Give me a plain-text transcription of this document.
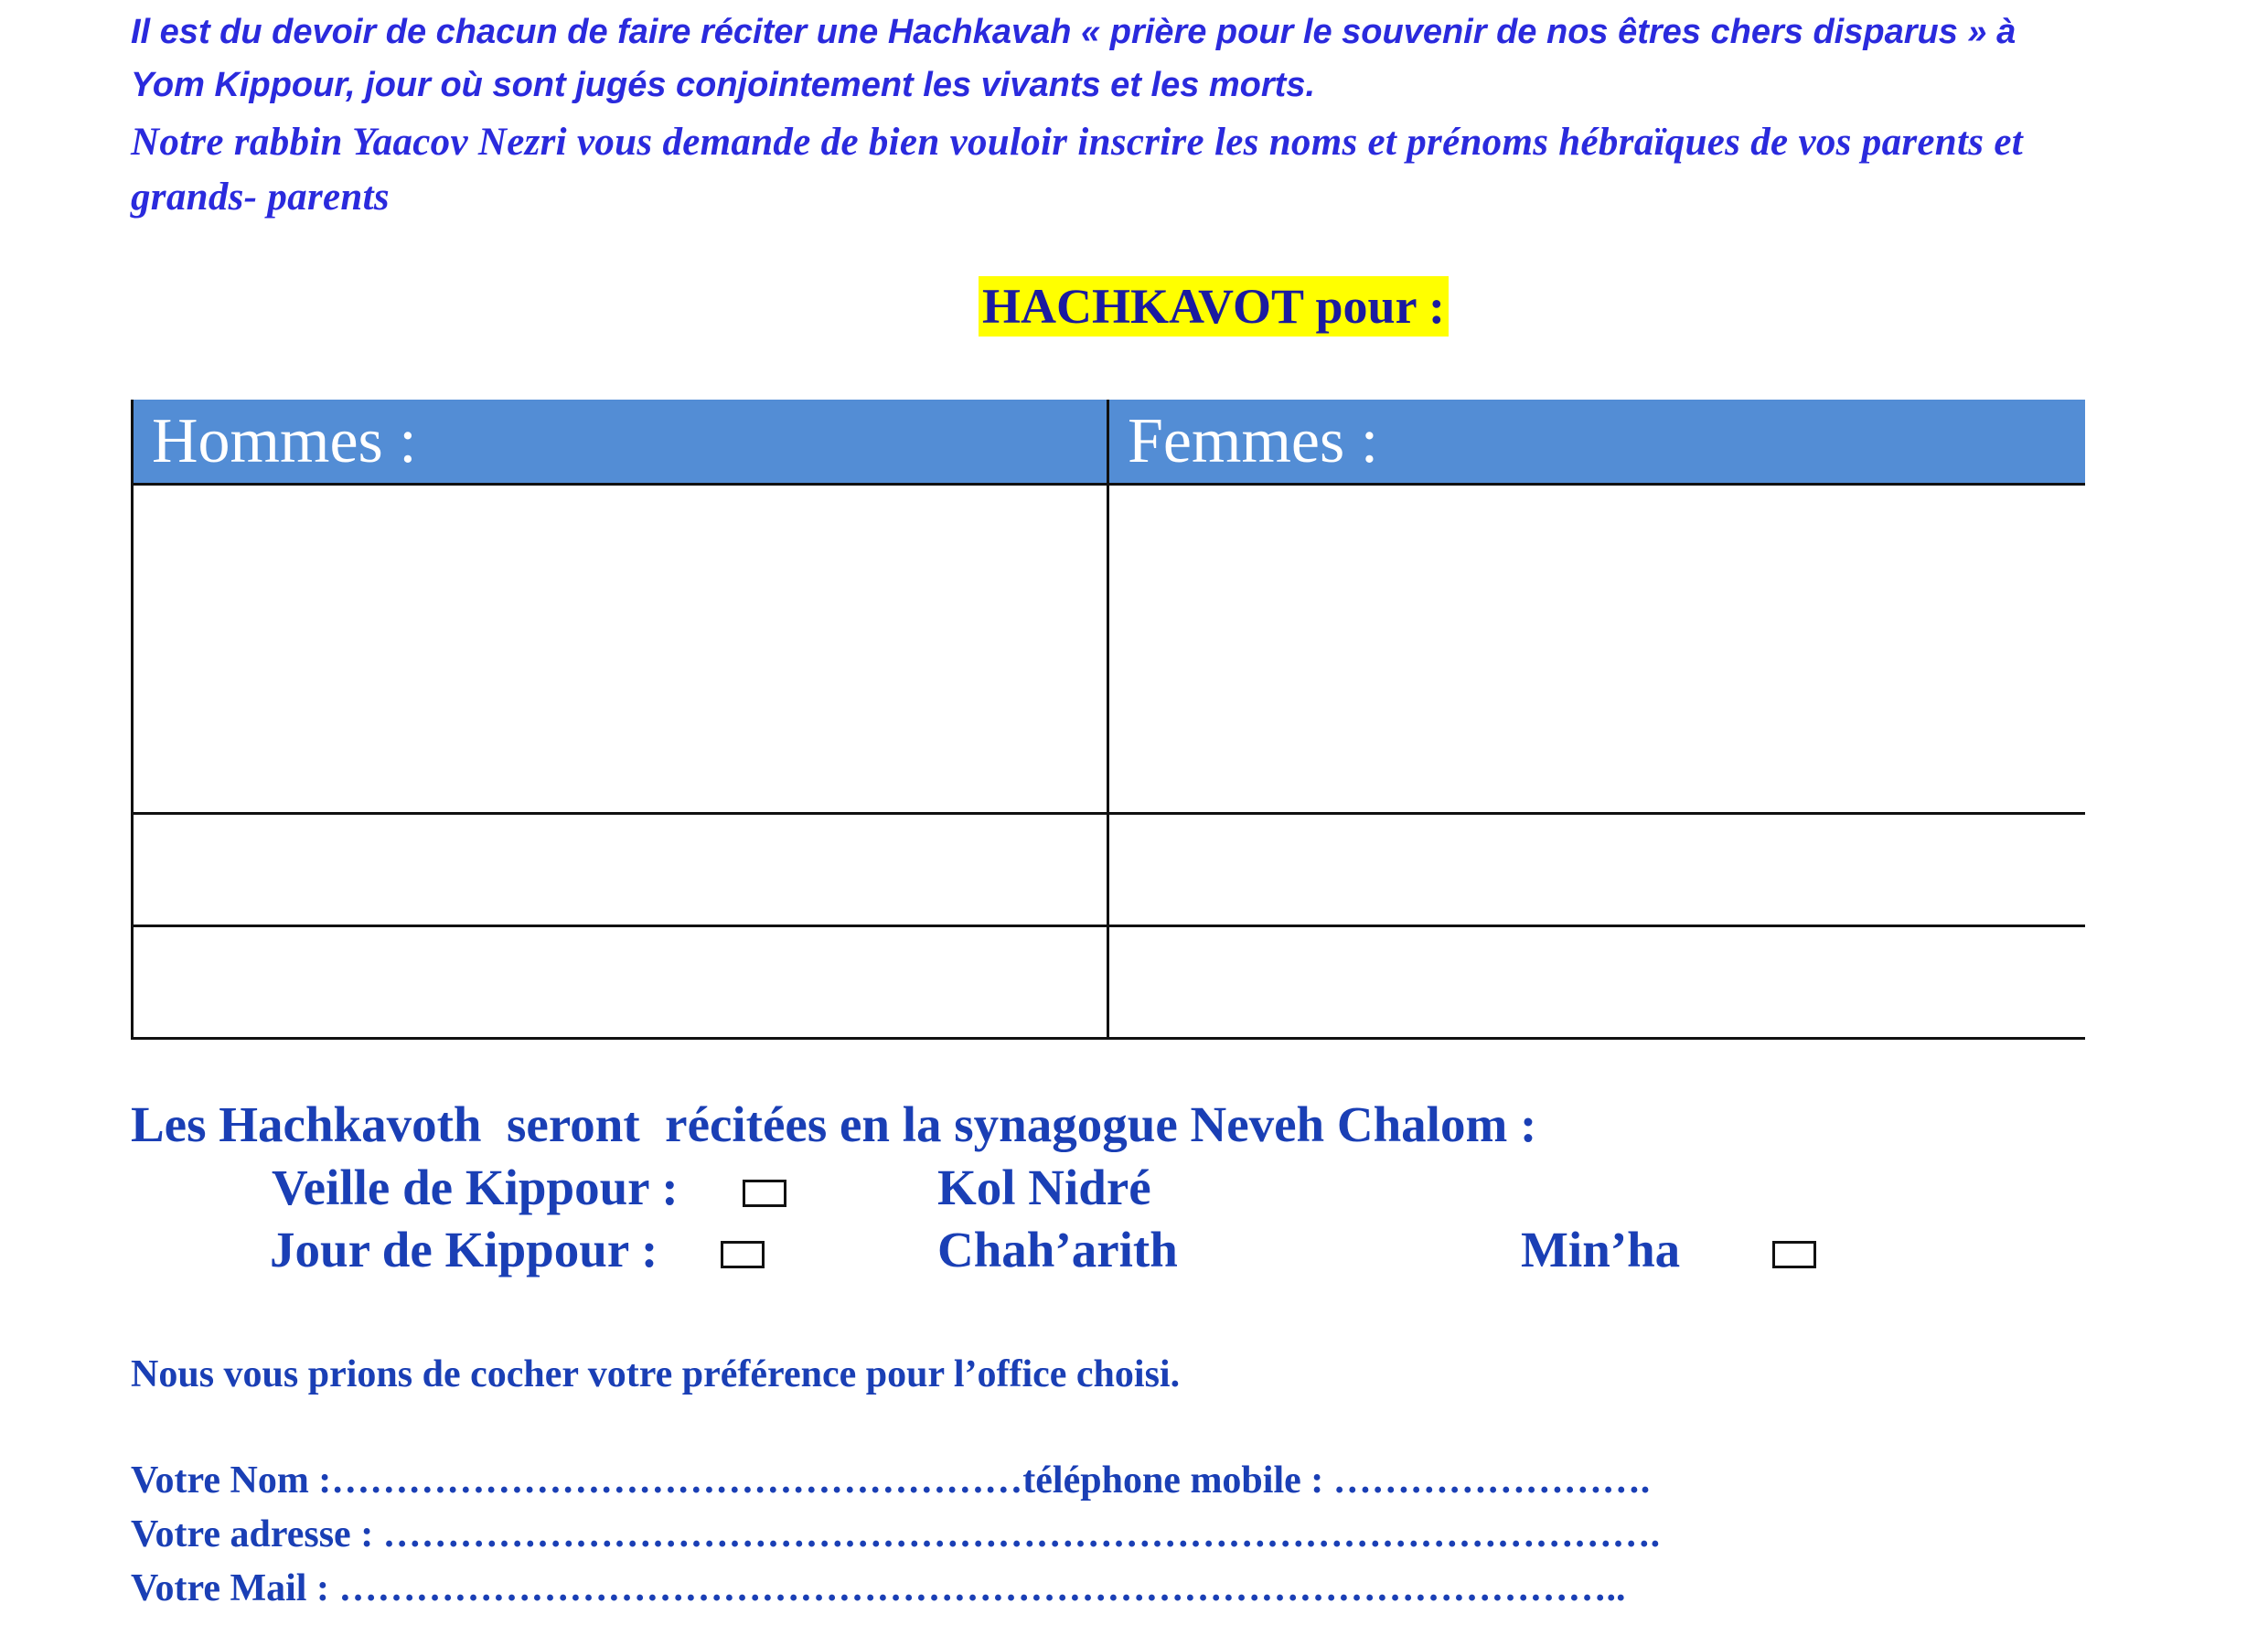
Il est du devoir de chacun de faire réciter une Hachkavah « prière pour le souvenir de nos êtres chers disparus » à Yom Kippour, jour où sont jugés conjointement les vivants et les morts.

Notre rabbin Yaacov Nezri vous demande de bien vouloir inscrire les noms et prénoms hébraïques de vos parents et grands- parents

HACHKAVOT pour :
Hommes :	Femmes :

Les Hachkavoth  seront  récitées en la synagogue Neveh Chalom :
Veille de Kippour :	Kol Nidré
Jour de Kippour :	Chah’arith	Min’ha
Nous vous prions de cocher votre préférence pour l’office choisi.
Votre Nom :………………………………………………téléphone mobile : …………………….
Votre adresse : ……………………………………………………………………………………….
Votre Mail : ………………………………………………………………………………………..
